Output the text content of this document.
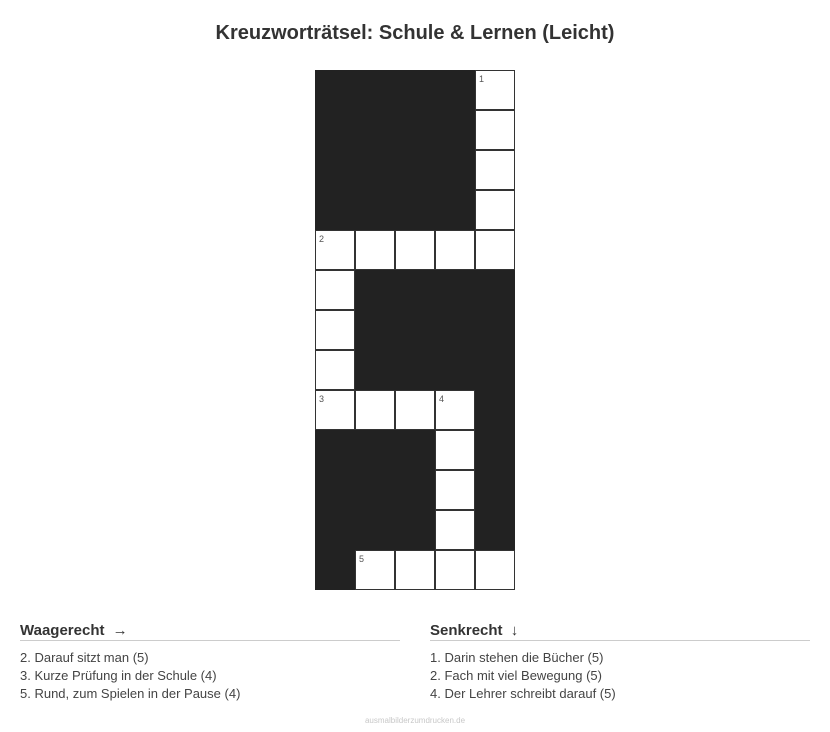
Kreuzworträtsel: Schule & Lernen (Leicht)
1
2
3	4
5
Waagerecht →
2. Darauf sitzt man (5)
3. Kurze Prüfung in der Schule (4)
5. Rund, zum Spielen in der Pause (4)
Senkrecht ↓
1. Darin stehen die Bücher (5)
2. Fach mit viel Bewegung (5)
4. Der Lehrer schreibt darauf (5)
ausmalbilderzumdrucken.de
